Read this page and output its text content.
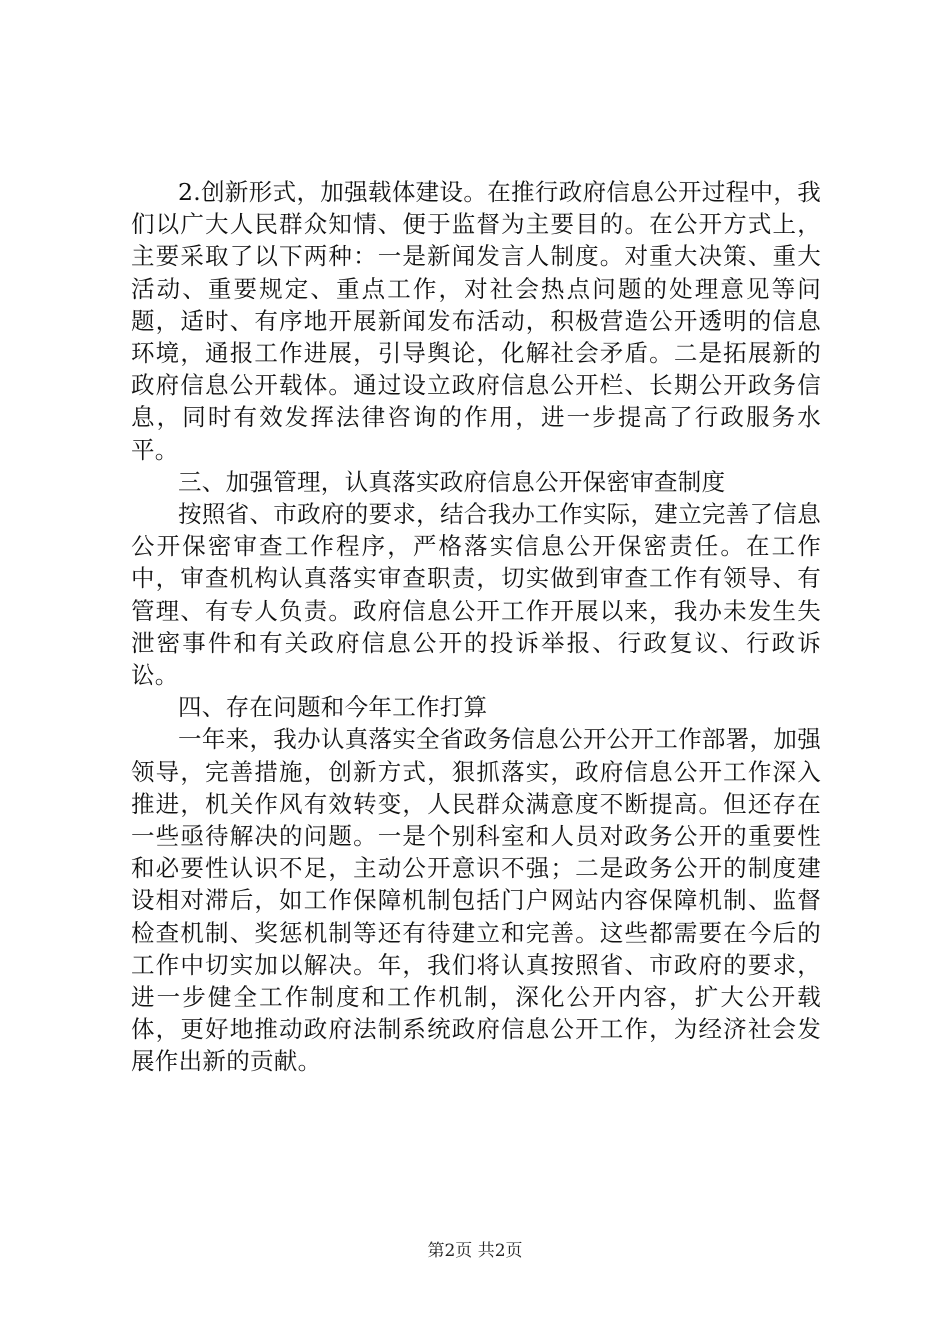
2.创新形式，加强载体建设。在推行政府信息公开过程中，我们以广大人民群众知情、便于监督为主要目的。在公开方式上，主要采取了以下两种：一是新闻发言人制度。对重大决策、重大活动、重要规定、重点工作，对社会热点问题的处理意见等问题，适时、有序地开展新闻发布活动，积极营造公开透明的信息环境，通报工作进展，引导舆论，化解社会矛盾。二是拓展新的政府信息公开载体。通过设立政府信息公开栏、长期公开政务信息，同时有效发挥法律咨询的作用，进一步提高了行政服务水平。

三、加强管理，认真落实政府信息公开保密审查制度

按照省、市政府的要求，结合我办工作实际，建立完善了信息公开保密审查工作程序，严格落实信息公开保密责任。在工作中，审查机构认真落实审查职责，切实做到审查工作有领导、有管理、有专人负责。政府信息公开工作开展以来，我办未发生失泄密事件和有关政府信息公开的投诉举报、行政复议、行政诉讼。

四、存在问题和今年工作打算

一年来，我办认真落实全省政务信息公开公开工作部署，加强领导，完善措施，创新方式，狠抓落实，政府信息公开工作深入推进，机关作风有效转变，人民群众满意度不断提高。但还存在一些亟待解决的问题。一是个别科室和人员对政务公开的重要性和必要性认识不足，主动公开意识不强；二是政务公开的制度建设相对滞后，如工作保障机制包括门户网站内容保障机制、监督检查机制、奖惩机制等还有待建立和完善。这些都需要在今后的工作中切实加以解决。年，我们将认真按照省、市政府的要求，进一步健全工作制度和工作机制，深化公开内容，扩大公开载体，更好地推动政府法制系统政府信息公开工作，为经济社会发展作出新的贡献。

第2页 共2页
